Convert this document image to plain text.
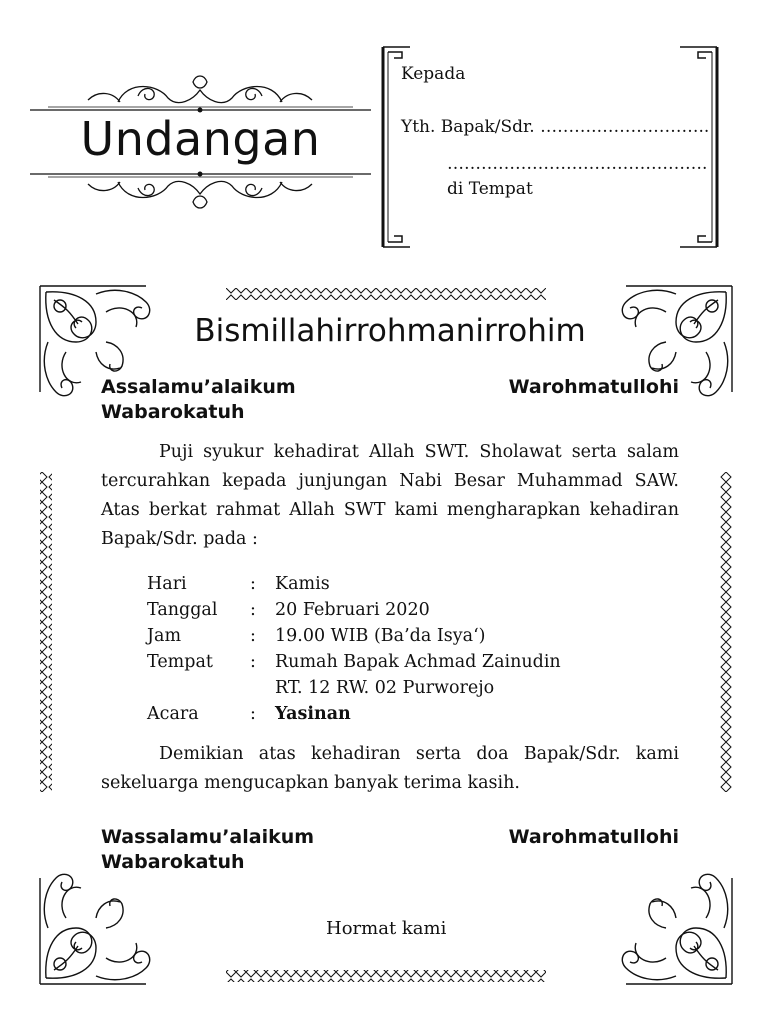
Undangan
Kepada
Yth. Bapak/Sdr. ……….………………..
……………………………………….
di Tempat
Bismillahirrohmanirrohim
Assalamu’alaikum	Warohmatullohi
Wabarokatuh
Puji syukur kehadirat Allah SWT. Sholawat serta salam tercurahkan kepada junjungan Nabi Besar Muhammad SAW. Atas berkat rahmat Allah SWT kami mengharapkan kehadiran Bapak/Sdr. pada :
Hari	: Kamis
Tanggal : 20 Februari 2020
Jam	: 19.00 WIB (Ba’da Isya‘)
Tempat : Rumah Bapak Achmad Zainudin
RT. 12 RW. 02 Purworejo
Acara	: Yasinan
Demikian atas kehadiran serta doa Bapak/Sdr. kami sekeluarga mengucapkan banyak terima kasih.
Wassalamu’alaikum	Warohmatullohi
Wabarokatuh
Hormat kami
